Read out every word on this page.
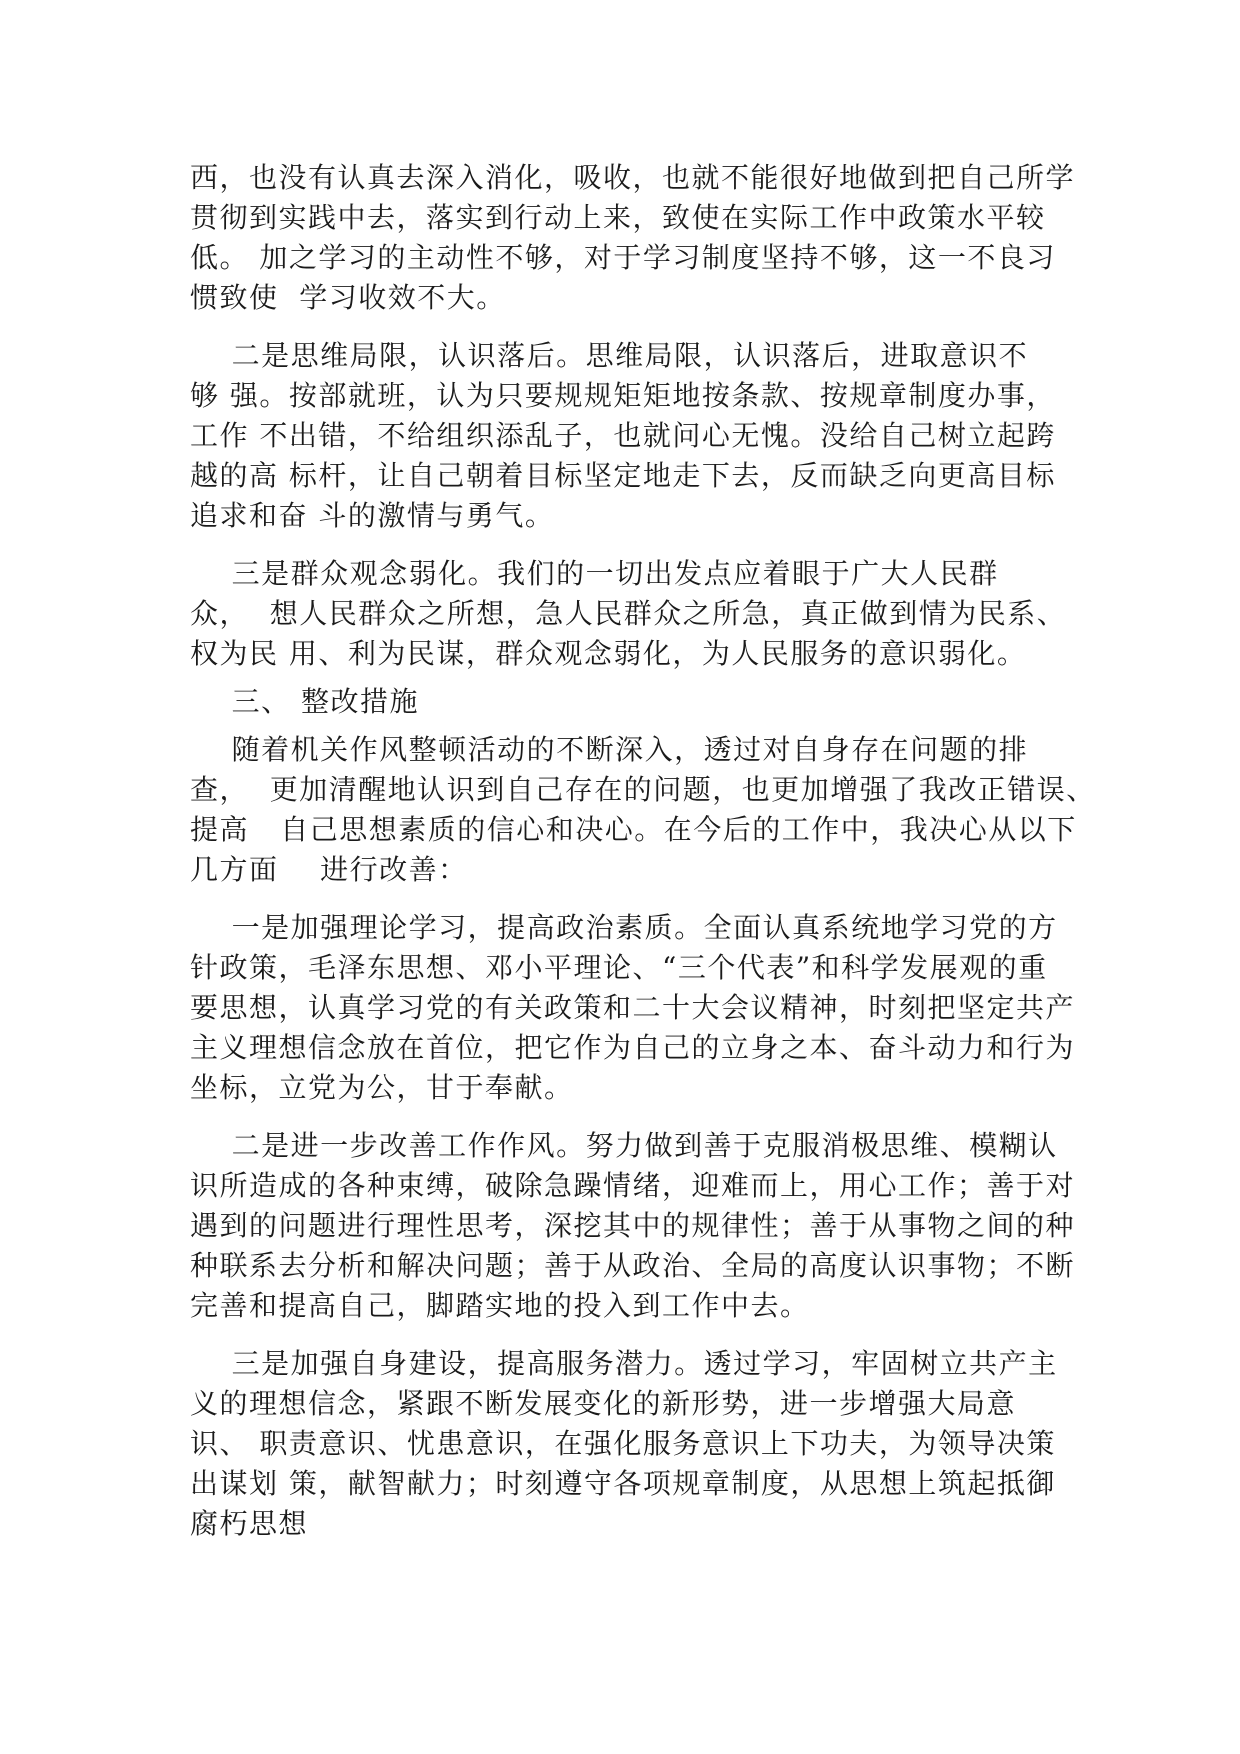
西，也没有认真去深入消化，吸收，也就不能很好地做到把自己所学
贯彻到实践中去，落实到行动上来，致使在实际工作中政策水平较
低。 加之学习的主动性不够，对于学习制度坚持不够，这一不良习
惯致使  学习收效不大。
二是思维局限，认识落后。思维局限，认识落后，进取意识不
够 强。按部就班，认为只要规规矩矩地按条款、按规章制度办事，
工作 不出错，不给组织添乱子，也就问心无愧。没给自己树立起跨
越的高 标杆，让自己朝着目标坚定地走下去，反而缺乏向更高目标
追求和奋 斗的激情与勇气。
三是群众观念弱化。我们的一切出发点应着眼于广大人民群
众，  想人民群众之所想，急人民群众之所急，真正做到情为民系、
权为民 用、利为民谋，群众观念弱化，为人民服务的意识弱化。
三、 整改措施
随着机关作风整顿活动的不断深入，透过对自身存在问题的排
查，  更加清醒地认识到自己存在的问题，也更加增强了我改正错误、
提高   自己思想素质的信心和决心。在今后的工作中，我决心从以下
几方面    进行改善：
一是加强理论学习，提高政治素质。全面认真系统地学习党的方
针政策，毛泽东思想、邓小平理论、“三个代表”和科学发展观的重
要思想，认真学习党的有关政策和二十大会议精神，时刻把坚定共产
主义理想信念放在首位，把它作为自己的立身之本、奋斗动力和行为
坐标，立党为公，甘于奉献。
二是进一步改善工作作风。努力做到善于克服消极思维、模糊认
识所造成的各种束缚，破除急躁情绪，迎难而上，用心工作；善于对
遇到的问题进行理性思考，深挖其中的规律性；善于从事物之间的种
种联系去分析和解决问题；善于从政治、全局的高度认识事物；不断
完善和提高自己，脚踏实地的投入到工作中去。
三是加强自身建设，提高服务潜力。透过学习，牢固树立共产主
义的理想信念，紧跟不断发展变化的新形势，进一步增强大局意
识、 职责意识、忧患意识，在强化服务意识上下功夫，为领导决策
出谋划 策，献智献力；时刻遵守各项规章制度，从思想上筑起抵御
腐朽思想
